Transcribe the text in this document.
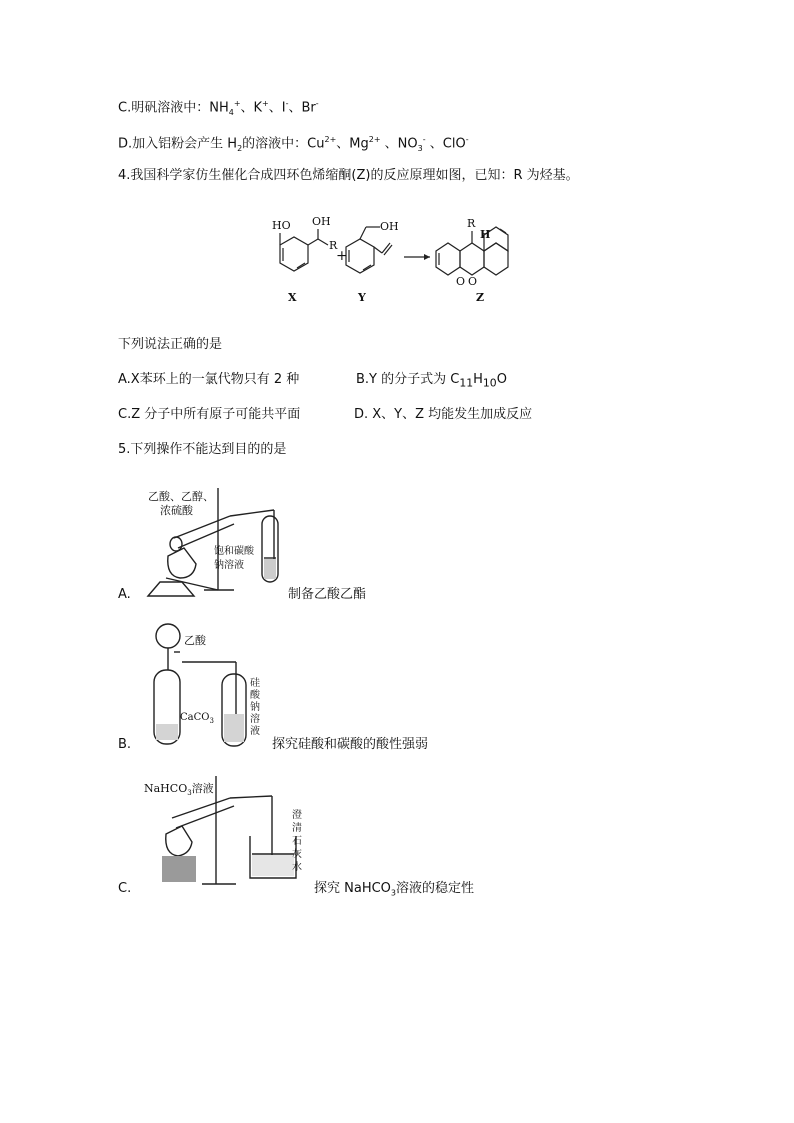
C.明矾溶液中：$NH_4^+$、K+、I-、Br-
D.加入铝粉会产生 $H_2$的溶液中：$Cu^{2+}$、$Mg^{2+}$ 、$NO_3^-$ 、ClO-
4.我国科学家仿生催化合成四环色烯缩酮(Z)的反应原理如图，已知：R 为烃基。
HO OH
R
+
OH	R
H
O O
X	Y	Z
下列说法正确的是
A.X苯环上的一氯代物只有 2 种	B.Y 的分子式为 $C_{11}H_{10}O$
C.Z 分子中所有原子可能共平面	D. X、Y、Z 均能发生加成反应
5.下列操作不能达到目的的是
A.
乙酸、乙醇、
浓硫酸
饱和碳酸
钠溶液
制备乙酸乙酯
B.
乙酸
CaCO$_3$
硅
酸
钠
溶
液
探究硅酸和碳酸的酸性强弱
C.
NaHCO$_3$溶液
澄
清
石
灰
水
探究 NaHCO$_3$溶液的稳定性
